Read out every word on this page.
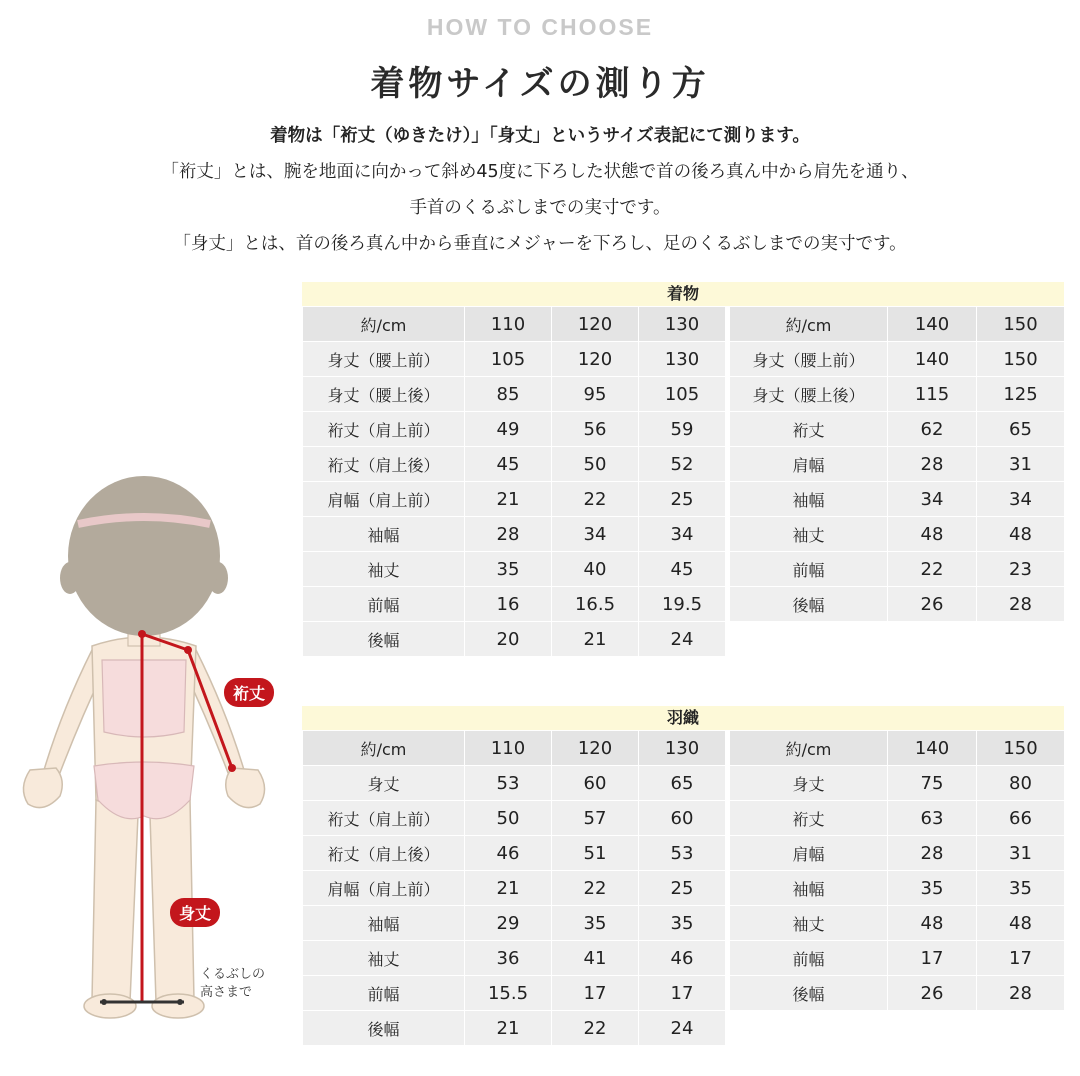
HOW TO CHOOSE
着物サイズの測り方
着物は「裄丈（ゆきたけ）」「身丈」というサイズ表記にて測ります。
「裄丈」とは、腕を地面に向かって斜め45度に下ろした状態で首の後ろ真ん中から肩先を通り、
手首のくるぶしまでの実寸です。
「身丈」とは、首の後ろ真ん中から垂直にメジャーを下ろし、足のくるぶしまでの実寸です。
着物
約/cm	110	120	130
身丈（腰上前）	105	120	130
身丈（腰上後）	85	95	105
裄丈（肩上前）	49	56	59
裄丈（肩上後）	45	50	52
肩幅（肩上前）	21	22	25
袖幅	28	34	34
袖丈	35	40	45
前幅	16	16.5	19.5
後幅	20	21	24
約/cm	140	150
身丈（腰上前）	140	150
身丈（腰上後）	115	125
裄丈	62	65
肩幅	28	31
袖幅	34	34
袖丈	48	48
前幅	22	23
後幅	26	28
羽織
約/cm	110	120	130
身丈	53	60	65
裄丈（肩上前）	50	57	60
裄丈（肩上後）	46	51	53
肩幅（肩上前）	21	22	25
袖幅	29	35	35
袖丈	36	41	46
前幅	15.5	17	17
後幅	21	22	24
約/cm	140	150
身丈	75	80
裄丈	63	66
肩幅	28	31
袖幅	35	35
袖丈	48	48
前幅	17	17
後幅	26	28
裄丈
身丈
くるぶしの
高さまで
